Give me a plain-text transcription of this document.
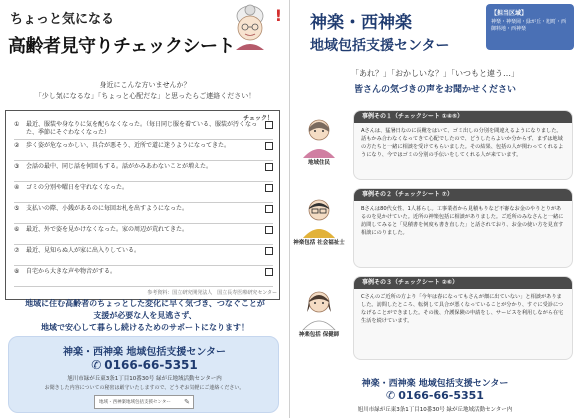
ちょっと気になる
高齢者見守りチェックシート
!
身近にこんな方いませんか？
「少し気になるな」「ちょっと心配だな」と思ったらご連絡ください！
チェック！
①	最近、服装や身なりに気を配らなくなった。（毎日同じ服を着ている、服装が汚くなった、季節にそぐわなくなった）
②	歩く姿が危なっかしい、具合が悪そう、近所で道に迷うようになってきた。
③	会話の最中、同じ話を何回もする。話がかみあわないことが増えた。
④	ゴミの分別や曜日を守れなくなった。
⑤	支払いの際、小銭があるのに毎回お札を出すようになった。
⑥	最近、外で姿を見かけなくなった。家の周辺が荒れてきた。
⑦	最近、見知らぬ人が家に出入りしている。
⑧	自宅から大きな声や物音がする。
参考資料：国立研究開発法人　国立長寿医療研究センター
地域に住む高齢者のちょっとした変化に早く気づき、つなぐことが
支援が必要な人を見逃さず、
地域で安心して暮らし続けるためのサポートになります！
神楽・西神楽 地域包括支援センター
✆ 0166-66-5351
旭川市緑が丘東3条1丁目10番30号 緑が丘地域活動センター内
お聞きした内容についての秘密は厳守いたしますので、どうぞお気軽にご連絡ください。
地域・西神楽地域包括支援センター ✎
神楽・西神楽
地域包括支援センター
【担当区域】
神楽・神楽岡・緑が丘・旭町・西御料地・西神楽
「あれ？」「おかしいな？」「いつもと違う…」
皆さんの気づきの声をお聞かせください
地域住民
事例その１（チェックシート ①④⑤）
Aさんは、猛暑日なのに長靴をはいて、ゴミ出しの分別を間違えるようになりました。話もかみ合わなくなってきて心配でしたので、どうしたらよいか分からず、まずは地域の方たちと一緒に相談を受けてもらいました。その結果、包括の人が関わってくれるようになり、今ではゴミの分別の手伝いをしてくれる人が来ています。
神楽包括 社会福祉士
事例その２（チェックシート ⑦）
Bさんは80代女性、1人暮らし。工事業者から見積もりなど不審なお金のやりとりがあるのを見かけていた。近所の神楽包括に相談がありました。ご近所のみなさんと一緒に訪問してみると「見積書を何度も書き直した」と話されており、お金の使い方を見直す相談にのりました。
神楽包括 保健師
事例その３（チェックシート ②⑥）
Cさんのご近所の方より「今年は春になってもさんが畑に出ていない」と相談がありました。訪問したところ、転倒して具合が悪くなっていることが分かり、すぐに受診につなげることができました。その後、介護保険の申請をし、サービスを利用しながら在宅生活を続けています。
神楽・西神楽 地域包括支援センター
✆ 0166-66-5351
旭川市緑が丘東3条1丁目10番30号 緑が丘地域活動センター内
